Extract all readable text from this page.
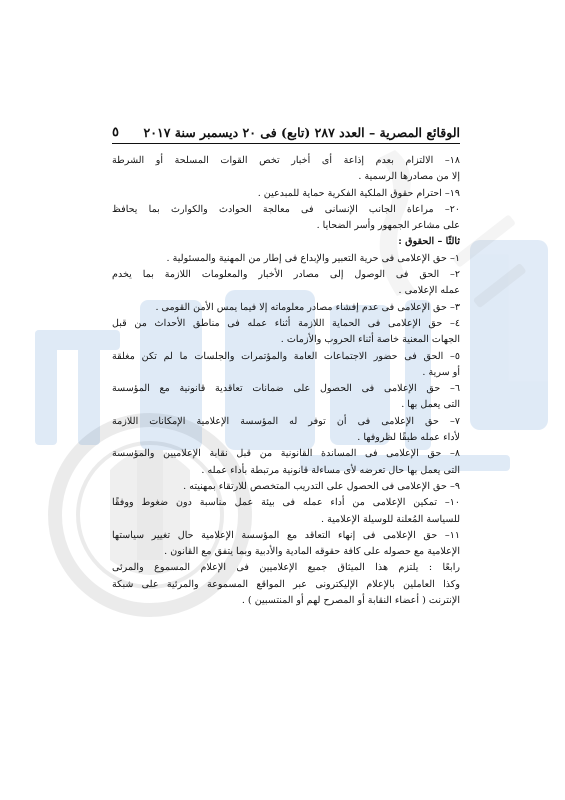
الوقائع المصرية – العدد ٢٨٧ (تابع) فى ٢٠ ديسمبر سنة ٢٠١٧
٥

١٨– الالتزام بعدم إذاعة أى أخبار تخص القوات المسلحة أو الشرطة

إلا من مصادرها الرسمية .

١٩– احترام حقوق الملكية الفكرية حماية للمبدعين .

٢٠– مراعاة الجانب الإنسانى فى معالجة الحوادث والكوارث بما يحافظ

على مشاعر الجمهور وأسر الضحايا .

ثالثًا – الحقوق :

١– حق الإعلامى فى حرية التعبير والإبداع فى إطار من المهنية والمسئولية .

٢– الحق فى الوصول إلى مصادر الأخبار والمعلومات اللازمة بما يخدم

عمله الإعلامى .

٣– حق الإعلامى فى عدم إفشاء مصادر معلوماته إلا فيما يمس الأمن القومى .

٤– حق الإعلامى فى الحماية اللازمة أثناء عمله فى مناطق الأحداث من قبل

الجهات المعنية خاصة أثناء الحروب والأزمات .

٥– الحق فى حضور الاجتماعات العامة والمؤتمرات والجلسات ما لم تكن مغلقة

أو سرية .

٦– حق الإعلامى فى الحصول على ضمانات تعاقدية قانونية مع المؤسسة

التى يعمل بها .

٧– حق الإعلامى فى أن توفر له المؤسسة الإعلامية الإمكانات اللازمة

لأداء عمله طبقًا لظروفها .

٨– حق الإعلامى فى المساندة القانونية من قبل نقابة الإعلاميين والمؤسسة

التى يعمل بها حال تعرضه لأى مساءلة قانونية مرتبطة بأداء عمله .

٩– حق الإعلامى فى الحصول على التدريب المتخصص للارتقاء بمهنيته .

١٠– تمكين الإعلامى من أداء عمله فى بيئة عمل مناسبة دون ضغوط ووفقًا

للسياسة المُعلنة للوسيلة الإعلامية .

١١– حق الإعلامى فى إنهاء التعاقد مع المؤسسة الإعلامية حال تغيير سياستها

الإعلامية مع حصوله على كافة حقوقه المادية والأدبية وبما يتفق مع القانون .

رابعًا : يلتزم هذا الميثاق جميع الإعلاميين فى الإعلام المسموع والمرئى

وكذا العاملين بالإعلام الإليكترونى عبر المواقع المسموعة والمرئية على شبكة

الإنترنت ( أعضاء النقابة أو المصرح لهم أو المنتسبين ) .
